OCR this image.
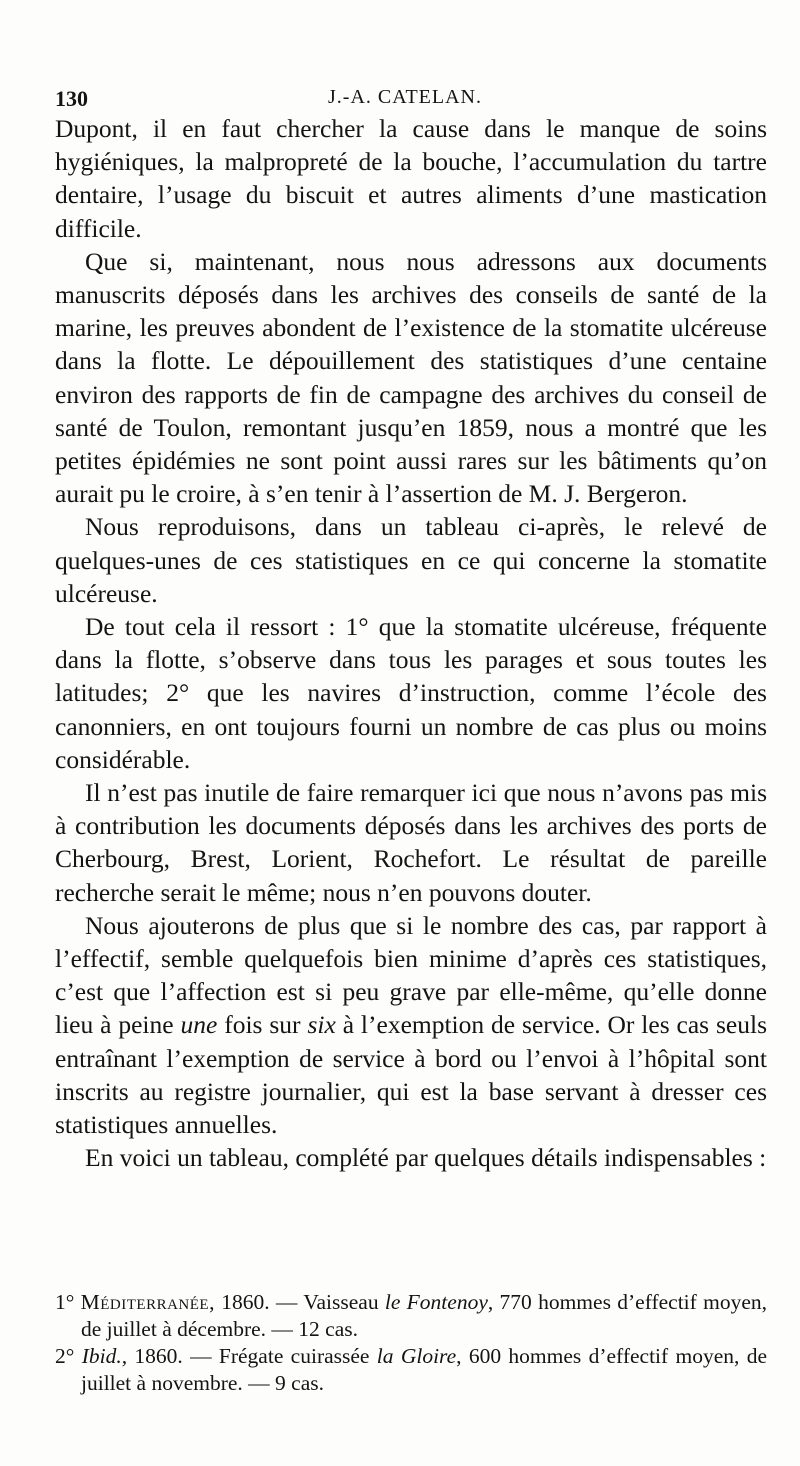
130	J.-A. CATELAN.

Dupont, il en faut chercher la cause dans le manque de soins hygiéniques, la malpropreté de la bouche, l’accumulation du tartre dentaire, l’usage du biscuit et autres aliments d’une mastication difficile.

Que si, maintenant, nous nous adressons aux documents manuscrits déposés dans les archives des conseils de santé de la marine, les preuves abondent de l’existence de la stomatite ulcéreuse dans la flotte. Le dépouillement des statistiques d’une centaine environ des rapports de fin de campagne des archives du conseil de santé de Toulon, remontant jusqu’en 1859, nous a montré que les petites épidémies ne sont point aussi rares sur les bâtiments qu’on aurait pu le croire, à s’en tenir à l’assertion de M. J. Bergeron.

Nous reproduisons, dans un tableau ci-après, le relevé de quelques-unes de ces statistiques en ce qui concerne la stomatite ulcéreuse.

De tout cela il ressort : 1° que la stomatite ulcéreuse, fréquente dans la flotte, s’observe dans tous les parages et sous toutes les latitudes; 2° que les navires d’instruction, comme l’école des canonniers, en ont toujours fourni un nombre de cas plus ou moins considérable.

Il n’est pas inutile de faire remarquer ici que nous n’avons pas mis à contribution les documents déposés dans les archives des ports de Cherbourg, Brest, Lorient, Rochefort. Le résultat de pareille recherche serait le même; nous n’en pouvons douter.

Nous ajouterons de plus que si le nombre des cas, par rapport à l’effectif, semble quelquefois bien minime d’après ces statistiques, c’est que l’affection est si peu grave par elle-même, qu’elle donne lieu à peine une fois sur six à l’exemption de service. Or les cas seuls entraînant l’exemption de service à bord ou l’envoi à l’hôpital sont inscrits au registre journalier, qui est la base servant à dresser ces statistiques annuelles.

En voici un tableau, complété par quelques détails indispensables :

1° Méditerranée, 1860. — Vaisseau le Fontenoy, 770 hommes d’effectif moyen, de juillet à décembre. — 12 cas.

2° Ibid., 1860. — Frégate cuirassée la Gloire, 600 hommes d’effectif moyen, de juillet à novembre. — 9 cas.
